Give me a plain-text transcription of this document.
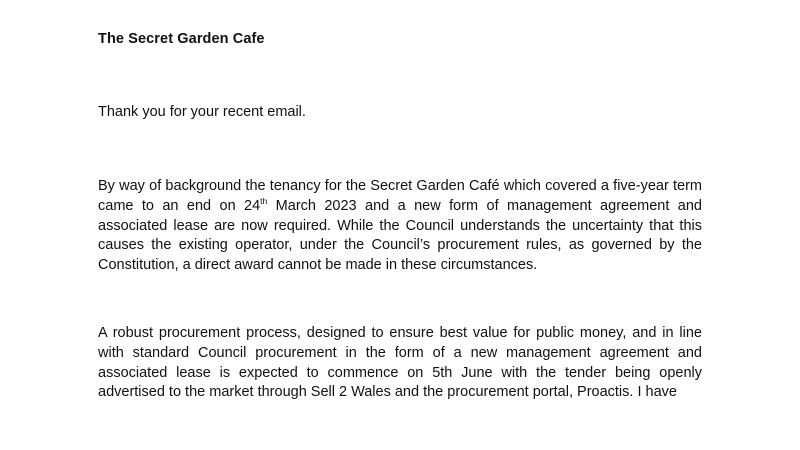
The Secret Garden Cafe
Thank you for your recent email.
By way of background the tenancy for the Secret Garden Café which covered a five-year term came to an end on 24th March 2023 and a new form of management agreement and associated lease are now required. While the Council understands the uncertainty that this causes the existing operator, under the Council’s procurement rules, as governed by the Constitution, a direct award cannot be made in these circumstances.
A robust procurement process, designed to ensure best value for public money, and in line with standard Council procurement in the form of a new management agreement and associated lease is expected to commence on 5th June with the tender being openly advertised to the market through Sell 2 Wales and the procurement portal, Proactis. I have
